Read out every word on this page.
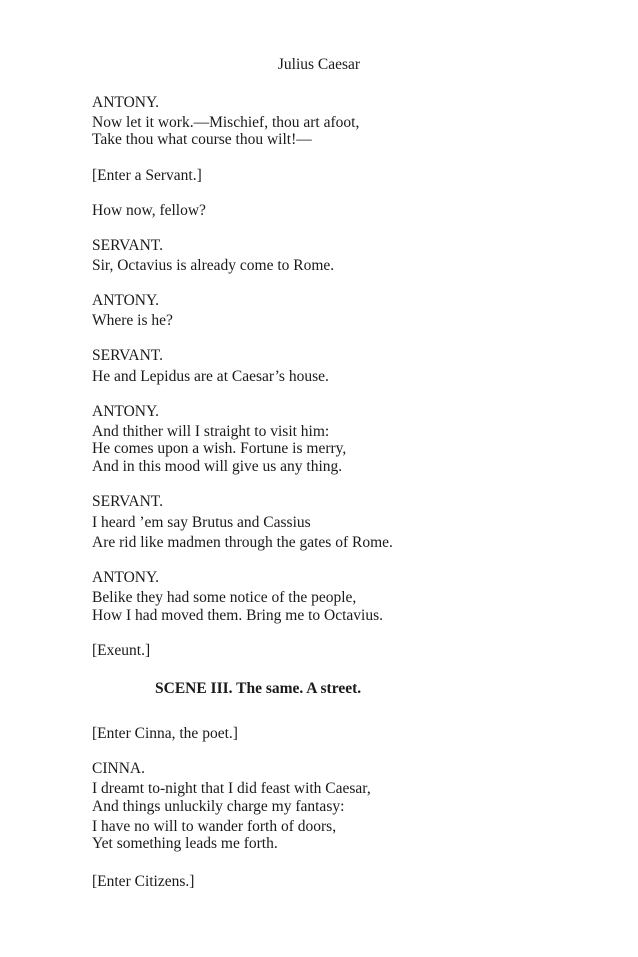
Julius Caesar
ANTONY.
Now let it work.—Mischief, thou art afoot,
Take thou what course thou wilt!—
[Enter a Servant.]
How now, fellow?
SERVANT.
Sir, Octavius is already come to Rome.
ANTONY.
Where is he?
SERVANT.
He and Lepidus are at Caesar’s house.
ANTONY.
And thither will I straight to visit him:
He comes upon a wish. Fortune is merry,
And in this mood will give us any thing.
SERVANT.
I heard ’em say Brutus and Cassius
Are rid like madmen through the gates of Rome.
ANTONY.
Belike they had some notice of the people,
How I had moved them. Bring me to Octavius.
[Exeunt.]
SCENE III. The same. A street.
[Enter Cinna, the poet.]
CINNA.
I dreamt to-night that I did feast with Caesar,
And things unluckily charge my fantasy:
I have no will to wander forth of doors,
Yet something leads me forth.
[Enter Citizens.]
